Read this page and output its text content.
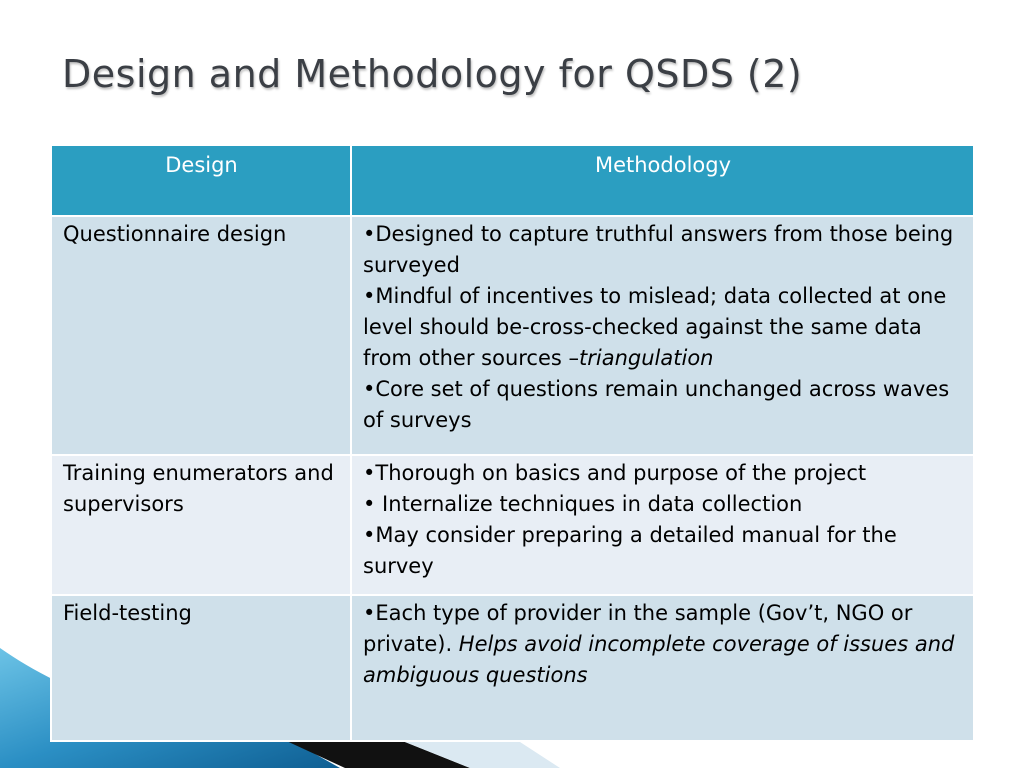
Design and Methodology for QSDS (2)
Design	Methodology
Questionnaire design	•Designed to capture truthful answers from those being surveyed
•Mindful of incentives to mislead; data collected at one level should be-cross-checked against the same data from other sources –triangulation
•Core set of questions remain unchanged across waves of surveys

Training enumerators and supervisors	•Thorough on basics and purpose of the project
• Internalize techniques in data collection
•May consider preparing a detailed manual for the survey

Field-testing	•Each type of provider in the sample (Gov’t, NGO or private). Helps avoid incomplete coverage of issues and ambiguous questions
